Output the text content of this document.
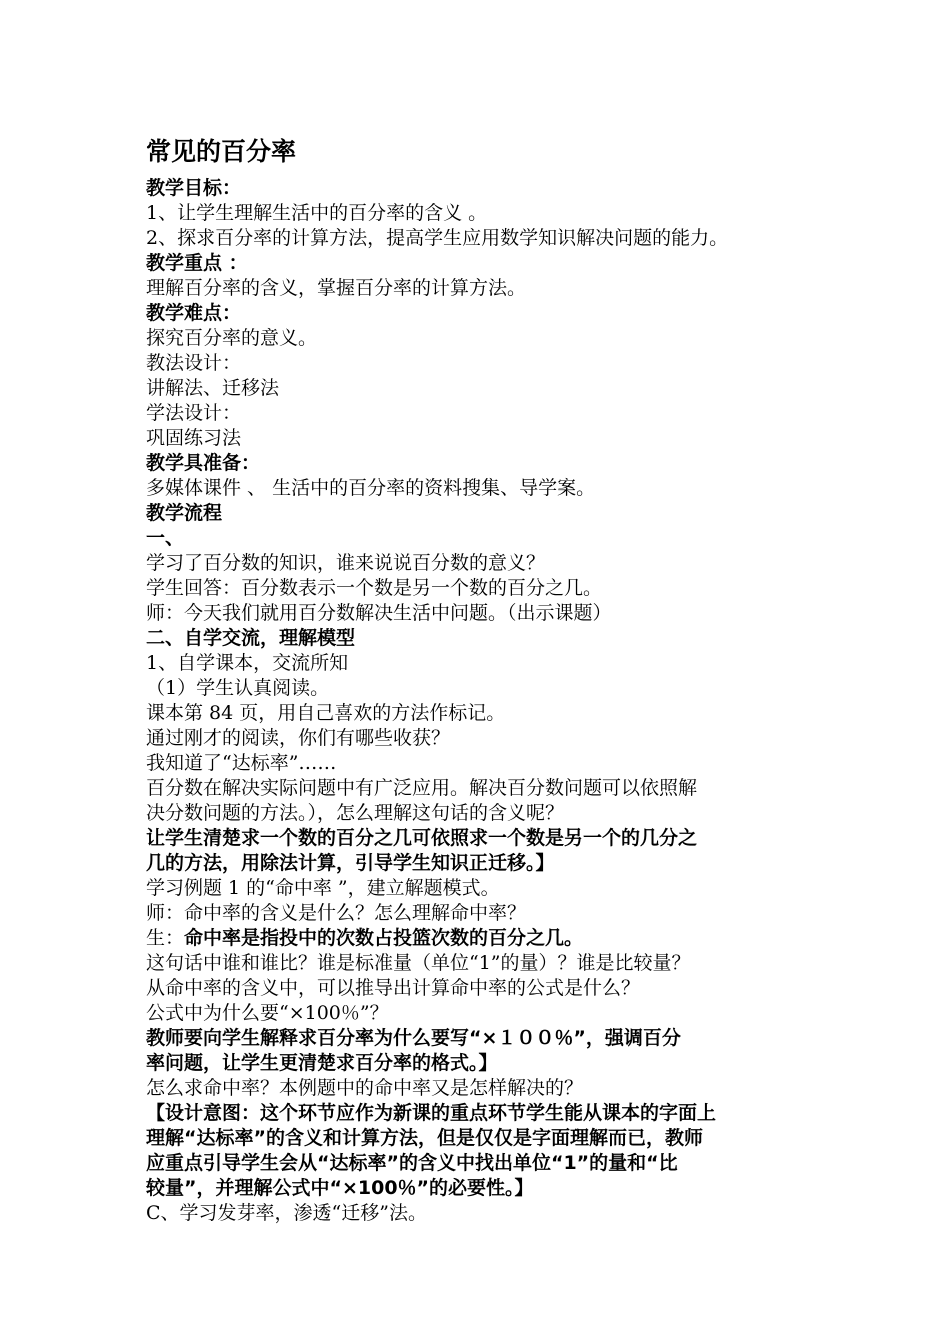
常见的百分率
教学目标：
1、让学生理解生活中的百分率的含义 。
2、探求百分率的计算方法，提高学生应用数学知识解决问题的能力。
教学重点 ：
理解百分率的含义，掌握百分率的计算方法。
教学难点：
探究百分率的意义。
教法设计：
讲解法、迁移法
学法设计：
巩固练习法
教学具准备：
多媒体课件 、 生活中的百分率的资料搜集、导学案。
教学流程
一、
学习了百分数的知识，谁来说说百分数的意义？
学生回答：百分数表示一个数是另一个数的百分之几。
师：今天我们就用百分数解决生活中问题。（出示课题）
二、自学交流，理解模型
1、自学课本，交流所知
（1）学生认真阅读。
课本第 84 页，用自己喜欢的方法作标记。
通过刚才的阅读，你们有哪些收获？
我知道了“达标率”……
百分数在解决实际问题中有广泛应用。解决百分数问题可以依照解
决分数问题的方法。），怎么理解这句话的含义呢？
让学生清楚求一个数的百分之几可依照求一个数是另一个的几分之
几的方法，用除法计算，引导学生知识正迁移。】
学习例题 1 的“命中率 ”，建立解题模式。
师：命中率的含义是什么？怎么理解命中率？
生：命中率是指投中的次数占投篮次数的百分之几。
这句话中谁和谁比？谁是标准量（单位“1”的量）？谁是比较量？
从命中率的含义中，可以推导出计算命中率的公式是什么？
公式中为什么要“×100％”？
教师要向学生解释求百分率为什么要写“×１００％”，强调百分
率问题，让学生更清楚求百分率的格式。】
怎么求命中率？本例题中的命中率又是怎样解决的？
【设计意图：这个环节应作为新课的重点环节学生能从课本的字面上
理解“达标率”的含义和计算方法，但是仅仅是字面理解而已，教师
应重点引导学生会从“达标率”的含义中找出单位“1”的量和“比
较量”，并理解公式中“×100％”的必要性。】
C、学习发芽率，渗透“迁移”法。
